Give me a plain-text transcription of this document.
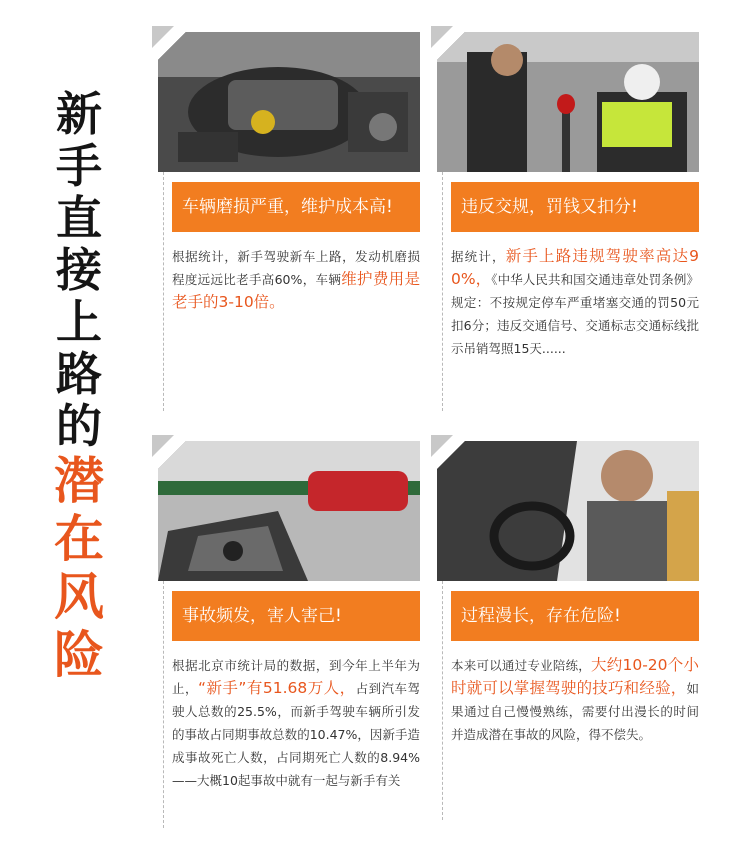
新
手
直
接
上
路
的
潜
在
风
险
车辆磨损严重，维护成本高!
根据统计，新手驾驶新车上路，发动机磨损程度远远比老手高60%，车辆维护费用是老手的3-10倍。
违反交规，罚钱又扣分!
据统计，新手上路违规驾驶率高达90%，《中华人民共和国交通违章处罚条例》规定：不按规定停车严重堵塞交通的罚50元扣6分；违反交通信号、交通标志交通标线批示吊销驾照15天......
事故频发，害人害己!
根据北京市统计局的数据，到今年上半年为止，“新手”有51.68万人，占到汽车驾驶人总数的25.5%，而新手驾驶车辆所引发的事故占同期事故总数的10.47%，因新手造成事故死亡人数，占同期死亡人数的8.94%——大概10起事故中就有一起与新手有关
过程漫长，存在危险!
本来可以通过专业陪练，大约10-20个小时就可以掌握驾驶的技巧和经验，如果通过自己慢慢熟练，需要付出漫长的时间并造成潜在事故的风险，得不偿失。
